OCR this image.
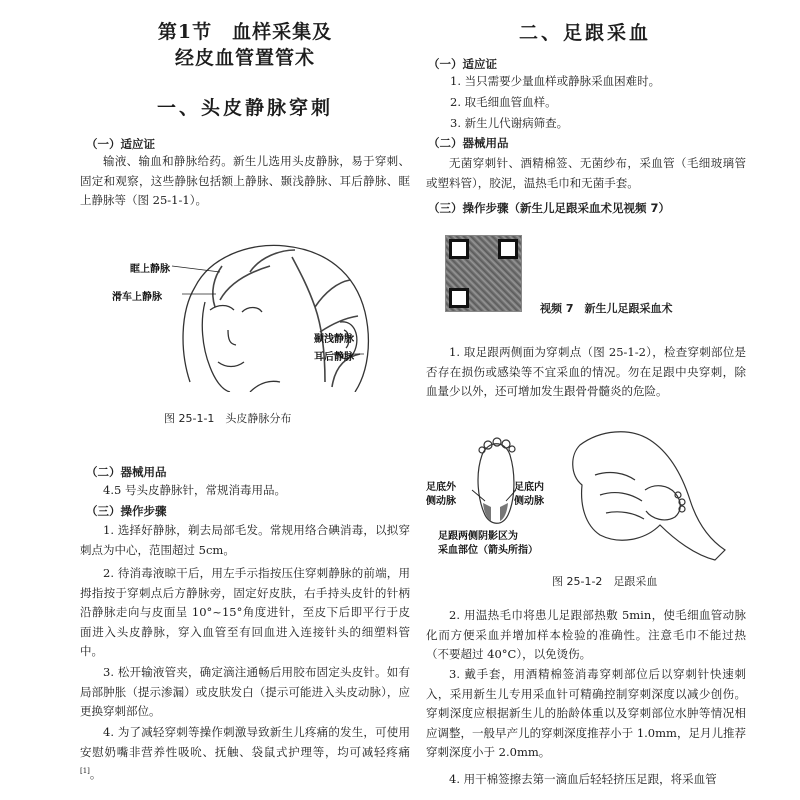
第1节　血样采集及
经皮血管置管术
一、头皮静脉穿刺
（一）适应证
输液、输血和静脉给药。新生儿选用头皮静脉，易于穿刺、固定和观察，这些静脉包括额上静脉、颞浅静脉、耳后静脉、眶上静脉等（图 25-1-1）。
眶上静脉
滑车上静脉
颞浅静脉
耳后静脉
图 25-1-1　头皮静脉分布
（二）器械用品
4.5 号头皮静脉针，常规消毒用品。
（三）操作步骤
1. 选择好静脉，剃去局部毛发。常规用络合碘消毒，以拟穿刺点为中心，范围超过 5cm。
2. 待消毒液晾干后，用左手示指按压住穿刺静脉的前端，用拇指按于穿刺点后方静脉旁，固定好皮肤，右手持头皮针的针柄沿静脉走向与皮面呈 10°~15°角度进针，至皮下后即平行于皮面进入头皮静脉，穿入血管至有回血进入连接针头的细塑料管中。
3. 松开输液管夹，确定滴注通畅后用胶布固定头皮针。如有局部肿胀（提示渗漏）或皮肤发白（提示可能进入头皮动脉），应更换穿刺部位。
4. 为了减轻穿刺等操作刺激导致新生儿疼痛的发生，可使用安慰奶嘴非营养性吸吮、抚触、袋鼠式护理等，均可减轻疼痛[1]。
二、足跟采血
（一）适应证
1. 当只需要少量血样或静脉采血困难时。
2. 取毛细血管血样。
3. 新生儿代谢病筛查。
（二）器械用品
无菌穿刺针、酒精棉签、无菌纱布，采血管（毛细玻璃管或塑料管），胶泥，温热毛巾和无菌手套。
（三）操作步骤（新生儿足跟采血术见视频 7）
视频 7　新生儿足跟采血术
1. 取足跟两侧面为穿刺点（图 25-1-2），检查穿刺部位是否存在损伤或感染等不宜采血的情况。勿在足跟中央穿刺，除血量少以外，还可增加发生跟骨骨髓炎的危险。
足底外
侧动脉
足底内
侧动脉
足跟两侧阴影区为
采血部位（箭头所指）
图 25-1-2　足跟采血
2. 用温热毛巾将患儿足跟部热敷 5min，使毛细血管动脉化而方便采血并增加样本检验的准确性。注意毛巾不能过热（不要超过 40°C），以免烫伤。
3. 戴手套，用酒精棉签消毒穿刺部位后以穿刺针快速刺入，采用新生儿专用采血针可精确控制穿刺深度以减少创伤。穿刺深度应根据新生儿的胎龄体重以及穿刺部位水肿等情况相应调整，一般早产儿的穿刺深度推荐小于 1.0mm，足月儿推荐穿刺深度小于 2.0mm。
4. 用干棉签擦去第一滴血后轻轻挤压足跟，将采血管
